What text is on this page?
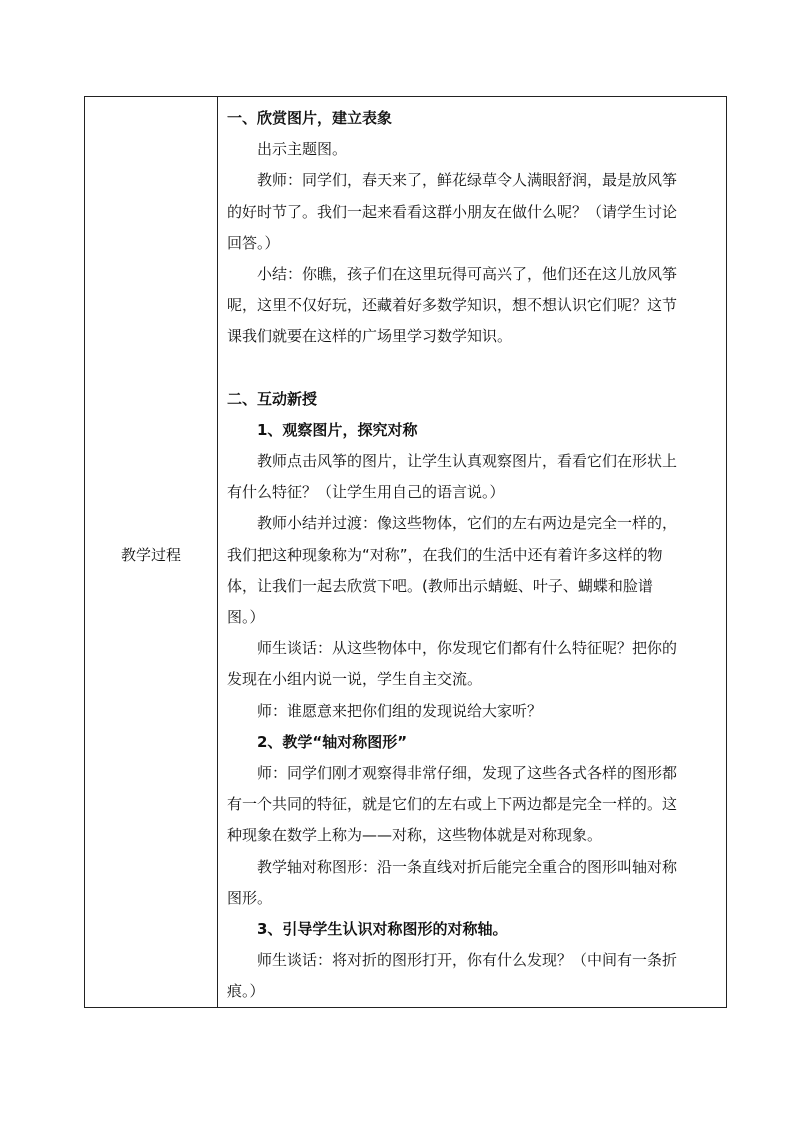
教学过程	
一、欣赏图片，建立表象
出示主题图。
教师：同学们，春天来了，鲜花绿草令人满眼舒润，最是放风筝
的好时节了。我们一起来看看这群小朋友在做什么呢？（请学生讨论
回答。）
小结：你瞧，孩子们在这里玩得可高兴了，他们还在这儿放风筝
呢，这里不仅好玩，还藏着好多数学知识，想不想认识它们呢？这节
课我们就要在这样的广场里学习数学知识。
二、互动新授
1、观察图片，探究对称
教师点击风筝的图片，让学生认真观察图片，看看它们在形状上
有什么特征？（让学生用自己的语言说。）
教师小结并过渡：像这些物体，它们的左右两边是完全一样的，
我们把这种现象称为“对称”，在我们的生活中还有着许多这样的物
体，让我们一起去欣赏下吧。(教师出示蜻蜓、叶子、蝴蝶和脸谱
图。）
师生谈话：从这些物体中，你发现它们都有什么特征呢？把你的
发现在小组内说一说，学生自主交流。
师：谁愿意来把你们组的发现说给大家听？
2、教学“轴对称图形”
师：同学们刚才观察得非常仔细，发现了这些各式各样的图形都
有一个共同的特征，就是它们的左右或上下两边都是完全一样的。这
种现象在数学上称为——对称，这些物体就是对称现象。
教学轴对称图形：沿一条直线对折后能完全重合的图形叫轴对称
图形。
3、引导学生认识对称图形的对称轴。
师生谈话：将对折的图形打开，你有什么发现？（中间有一条折
痕。）
